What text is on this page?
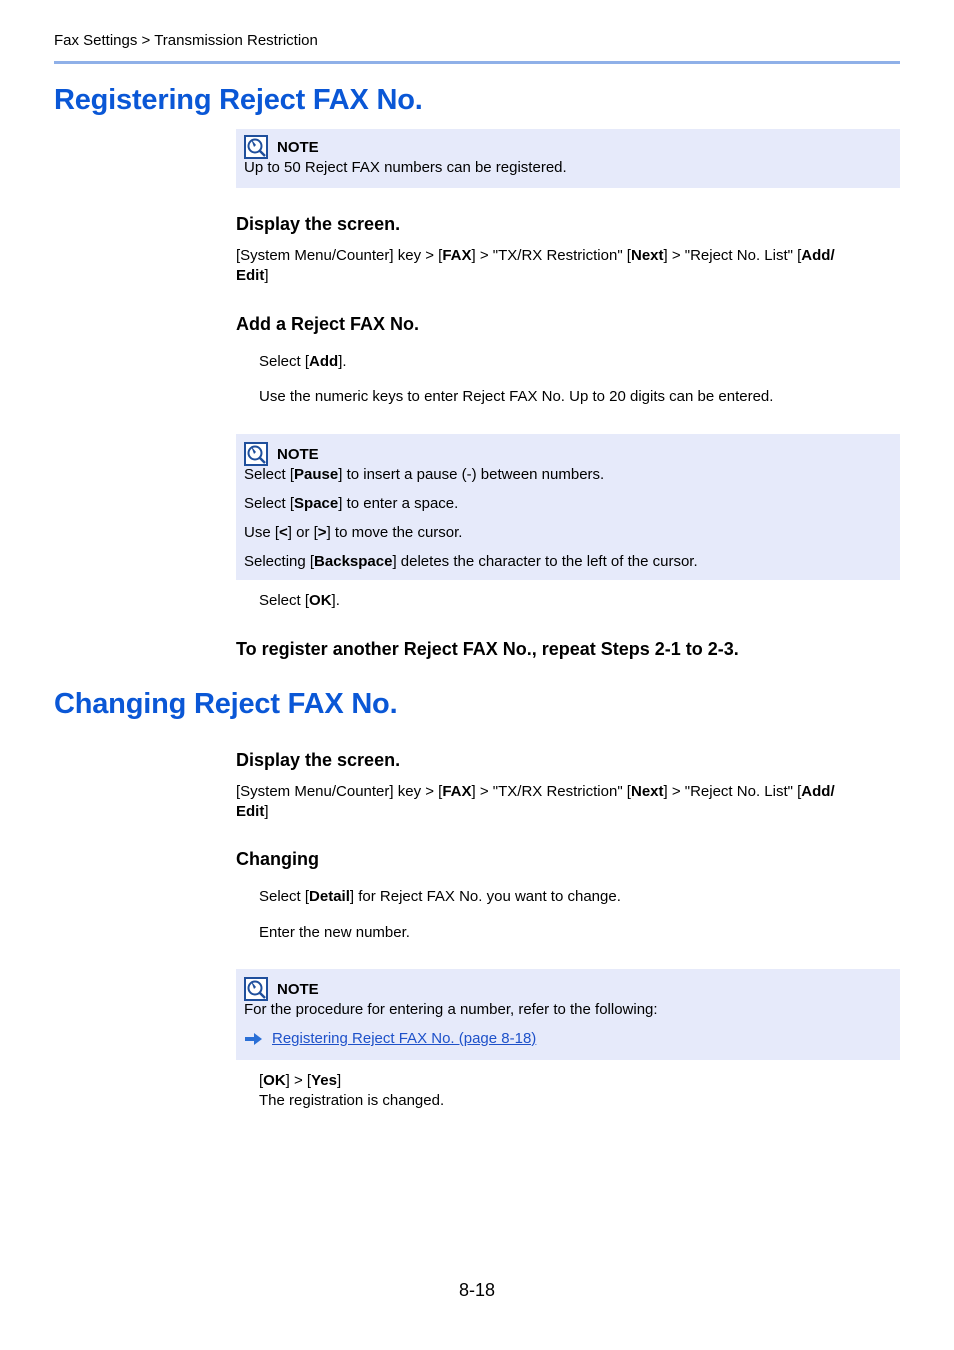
Fax Settings > Transmission Restriction
Registering Reject FAX No.
NOTE
Up to 50 Reject FAX numbers can be registered.
Display the screen.
[System Menu/Counter] key > [FAX] > "TX/RX Restriction" [Next] > "Reject No. List" [Add/
Edit]
Add a Reject FAX No.
Select [Add].
Use the numeric keys to enter Reject FAX No. Up to 20 digits can be entered.
NOTE
Select [Pause] to insert a pause (-) between numbers.
Select [Space] to enter a space.
Use [<] or [>] to move the cursor.
Selecting [Backspace] deletes the character to the left of the cursor.
Select [OK].
To register another Reject FAX No., repeat Steps 2-1 to 2-3.
Changing Reject FAX No.
Display the screen.
[System Menu/Counter] key > [FAX] > "TX/RX Restriction" [Next] > "Reject No. List" [Add/
Edit]
Changing
Select [Detail] for Reject FAX No. you want to change.
Enter the new number.
NOTE
For the procedure for entering a number, refer to the following:
Registering Reject FAX No. (page 8-18)
[OK] > [Yes]
The registration is changed.
8-18
